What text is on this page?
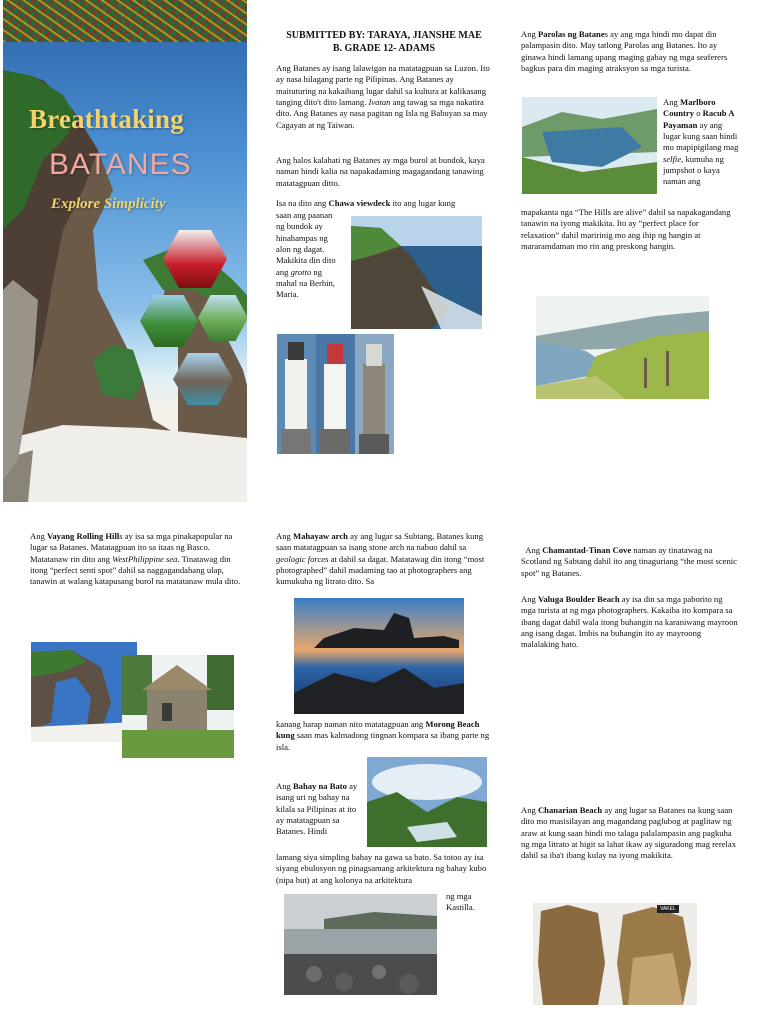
Breathtaking
BATANES
Explore Simplicity
SUBMITTED BY: TARAYA, JIANSHE MAE
B. GRADE 12- ADAMS

Ang Batanes ay isang lalawigan na matatagpuan sa Luzon. Ito ay nasa hilagang parte ng Pilipinas. Ang Batanes ay maituturing na kakaibang lugar dahil sa kultura at kalikasang tanging dito't dito lamang. Ivatan ang tawag sa mga nakatira dito. Ang Batanes ay nasa pagitan ng Isla ng Babuyan sa may Cagayan at ng Taiwan.

Ang halos kalahati ng Batanes ay mga burol at bundok, kaya naman hindi kalia na napakadaming magagandang tanawing matatagpuan ditto.

Isa na dito ang Chawa viewdeck ito ang lugar kung

saan ang paanan ng bundok ay hinahampas ng alon ng dagat. Makikita din dito ang grotto ng mahal na Berhin, Maria.

Ang Parolas ng Batanes ay ang mga hindi mo dapat din palampasin dito. May tatlong Parolas ang Batanes. Ito ay ginawa hindi lamang upang maging gabay ng mga seaferers bagkus para din maging atraksyon sa mga turista.

Ang Marlboro Country o Racub A Payaman ay ang lugar kung saan hindi mo mapipigilang mag selfie, kumuha ng jumpshot o kaya naman ang

mapakanta nga “The Hills are alive” dahil sa napakagandang tanawin na iyong makikita. Ito ay “perfect place for relaxation” dahil maririnig mo ang ihip ng hangin at mararamdaman mo rin ang preskong hangin.

Ang Vayang Rolling Hills ay isa sa mga pinakapopular na lugar sa Batanes. Matatagpuan ito sa itaas ng Basco. Matatanaw rin dito ang WestPhilippine sea. Tinatawag din itong “perfect senti spot” dahil sa naggagandahang ulap, tanawin at walang katapusang burol na matatanaw mula dito.

Ang Mahayaw arch ay ang lugar sa Subtang, Batanes kung saan matatagpuan sa isang stone arch na nabuo dahil sa geologic forces at dahil sa dagat. Matatawag din itong “most photographed” dahil madaming tao at photographers ang kumukuha ng litrato dito. Sa

kanang harap naman nito matatagpuan ang Morong Beach kung saan mas kalmadong tingnan kompara sa ibang parte ng isla.

Ang Bahay na Bato ay isang uri ng bahay na kilala sa Pilipinas at ito ay matatagpuan sa Batanes. Hindi

lamang siya simpling bahay na gawa sa bato. Sa totoo ay isa siyang ebulosyon ng pinagsamang arkitektura ng bahay kubo (nipa hut) at ang kolonya na arkitektura

ng mga Kastilla.

Ang Chamantad-Tinan Cove naman ay tinatawag na Scotland ng Sabtang dahil ito ang tinaguriang “the most scenic spot” ng Batanes.

Ang Valuga Boulder Beach ay isa din sa mga paborito ng mga turista at ng mga photographers. Kakaiba ito kompara sa ibang dagat dahil wala itong buhangin na karaniwang mayroon ang isang dagat. Imbis na buhangin ito ay mayroong malalaking bato.

Ang Chanarian Beach ay ang lugar sa Batanes na kung saan dito mo masisilayan ang magandang paglubog at paglitaw ng araw at kung saan hindi mo talaga palalampasin ang pagkuha ng mga litrato at higit sa lahat ikaw ay siguradong mag rerelax dahil sa iba't ibang kulay na iyong makikita.

VAKEL
